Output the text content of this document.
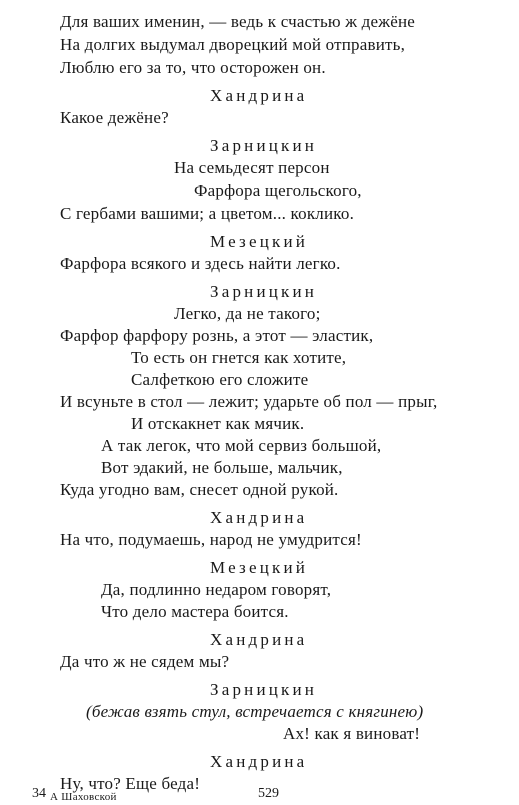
Для ваших именин, — ведь к счастью ж дежёне
На долгих выдумал дворецкий мой отправить,
Люблю его за то, что осторожен он.
Хандрина
Какое дежёне?
Зарницкин
На семьдесят персон
Фарфора щегольского,
С гербами вашими; а цветом... коклико.
Мезецкий
Фарфора всякого и здесь найти легко.
Зарницкин
Легко, да не такого;
Фарфор фарфору рознь, а этот — эластик,
То есть он гнется как хотите,
Салфеткою его сложите
И всуньте в стол — лежит; ударьте об пол — прыг,
И отскакнет как мячик.
А так легок, что мой сервиз большой,
Вот эдакий, не больше, мальчик,
Куда угодно вам, снесет одной рукой.
Хандрина
На что, подумаешь, народ не умудрится!
Мезецкий
Да, подлинно недаром говорят,
Что дело мастера боится.
Хандрина
Да что ж не сядем мы?
Зарницкин
(бежав взять стул, встречается с княгинею)
Ах! как я виноват!
Хандрина
Ну, что? Еще беда!
34 А Шаховской	529
